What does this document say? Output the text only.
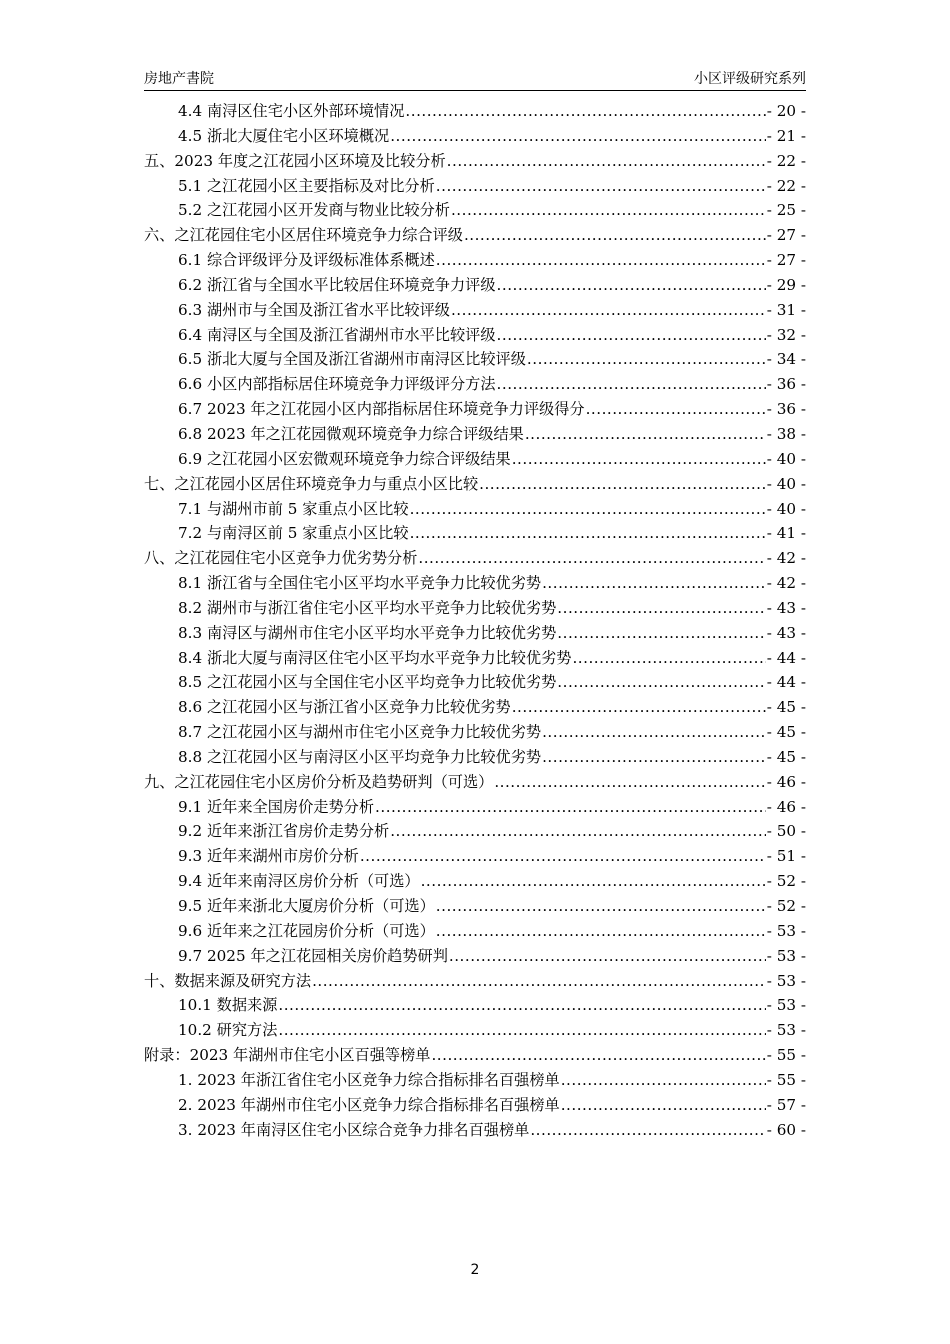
房地产書院	小区评级研究系列
4.4 南浔区住宅小区外部环境情况 .....	- 20 -
4.5 浙北大厦住宅小区环境概况 .....	- 21 -
五、2023 年度之江花园小区环境及比较分析 .....	- 22 -
5.1 之江花园小区主要指标及对比分析 .....	- 22 -
5.2 之江花园小区开发商与物业比较分析 .....	- 25 -
六、之江花园住宅小区居住环境竞争力综合评级 .....	- 27 -
6.1 综合评级评分及评级标准体系概述 .....	- 27 -
6.2 浙江省与全国水平比较居住环境竞争力评级 .....	- 29 -
6.3 湖州市与全国及浙江省水平比较评级 .....	- 31 -
6.4 南浔区与全国及浙江省湖州市水平比较评级 .....	- 32 -
6.5 浙北大厦与全国及浙江省湖州市南浔区比较评级 .....	- 34 -
6.6 小区内部指标居住环境竞争力评级评分方法 .....	- 36 -
6.7 2023 年之江花园小区内部指标居住环境竞争力评级得分 .....	- 36 -
6.8 2023 年之江花园微观环境竞争力综合评级结果 .....	- 38 -
6.9 之江花园小区宏微观环境竞争力综合评级结果 .....	- 40 -
七、之江花园小区居住环境竞争力与重点小区比较 .....	- 40 -
7.1 与湖州市前 5 家重点小区比较 .....	- 40 -
7.2 与南浔区前 5 家重点小区比较 .....	- 41 -
八、之江花园住宅小区竞争力优劣势分析 .....	- 42 -
8.1 浙江省与全国住宅小区平均水平竞争力比较优劣势 .....	- 42 -
8.2 湖州市与浙江省住宅小区平均水平竞争力比较优劣势 .....	- 43 -
8.3 南浔区与湖州市住宅小区平均水平竞争力比较优劣势 .....	- 43 -
8.4 浙北大厦与南浔区住宅小区平均水平竞争力比较优劣势 .....	- 44 -
8.5 之江花园小区与全国住宅小区平均竞争力比较优劣势 .....	- 44 -
8.6 之江花园小区与浙江省小区竞争力比较优劣势 .....	- 45 -
8.7 之江花园小区与湖州市住宅小区竞争力比较优劣势 .....	- 45 -
8.8 之江花园小区与南浔区小区平均竞争力比较优劣势 .....	- 45 -
九、之江花园住宅小区房价分析及趋势研判（可选） .....	- 46 -
9.1 近年来全国房价走势分析 .....	- 46 -
9.2 近年来浙江省房价走势分析 .....	- 50 -
9.3 近年来湖州市房价分析 .....	- 51 -
9.4 近年来南浔区房价分析（可选） .....	- 52 -
9.5 近年来浙北大厦房价分析（可选） .....	- 52 -
9.6 近年来之江花园房价分析（可选） .....	- 53 -
9.7 2025 年之江花园相关房价趋势研判 .....	- 53 -
十、数据来源及研究方法 .....	- 53 -
10.1 数据来源 .....	- 53 -
10.2 研究方法 .....	- 53 -
附录：2023 年湖州市住宅小区百强等榜单 .....	- 55 -
1. 2023 年浙江省住宅小区竞争力综合指标排名百强榜单 .....	- 55 -
2. 2023 年湖州市住宅小区竞争力综合指标排名百强榜单 .....	- 57 -
3. 2023 年南浔区住宅小区综合竞争力排名百强榜单 .....	- 60 -
2
